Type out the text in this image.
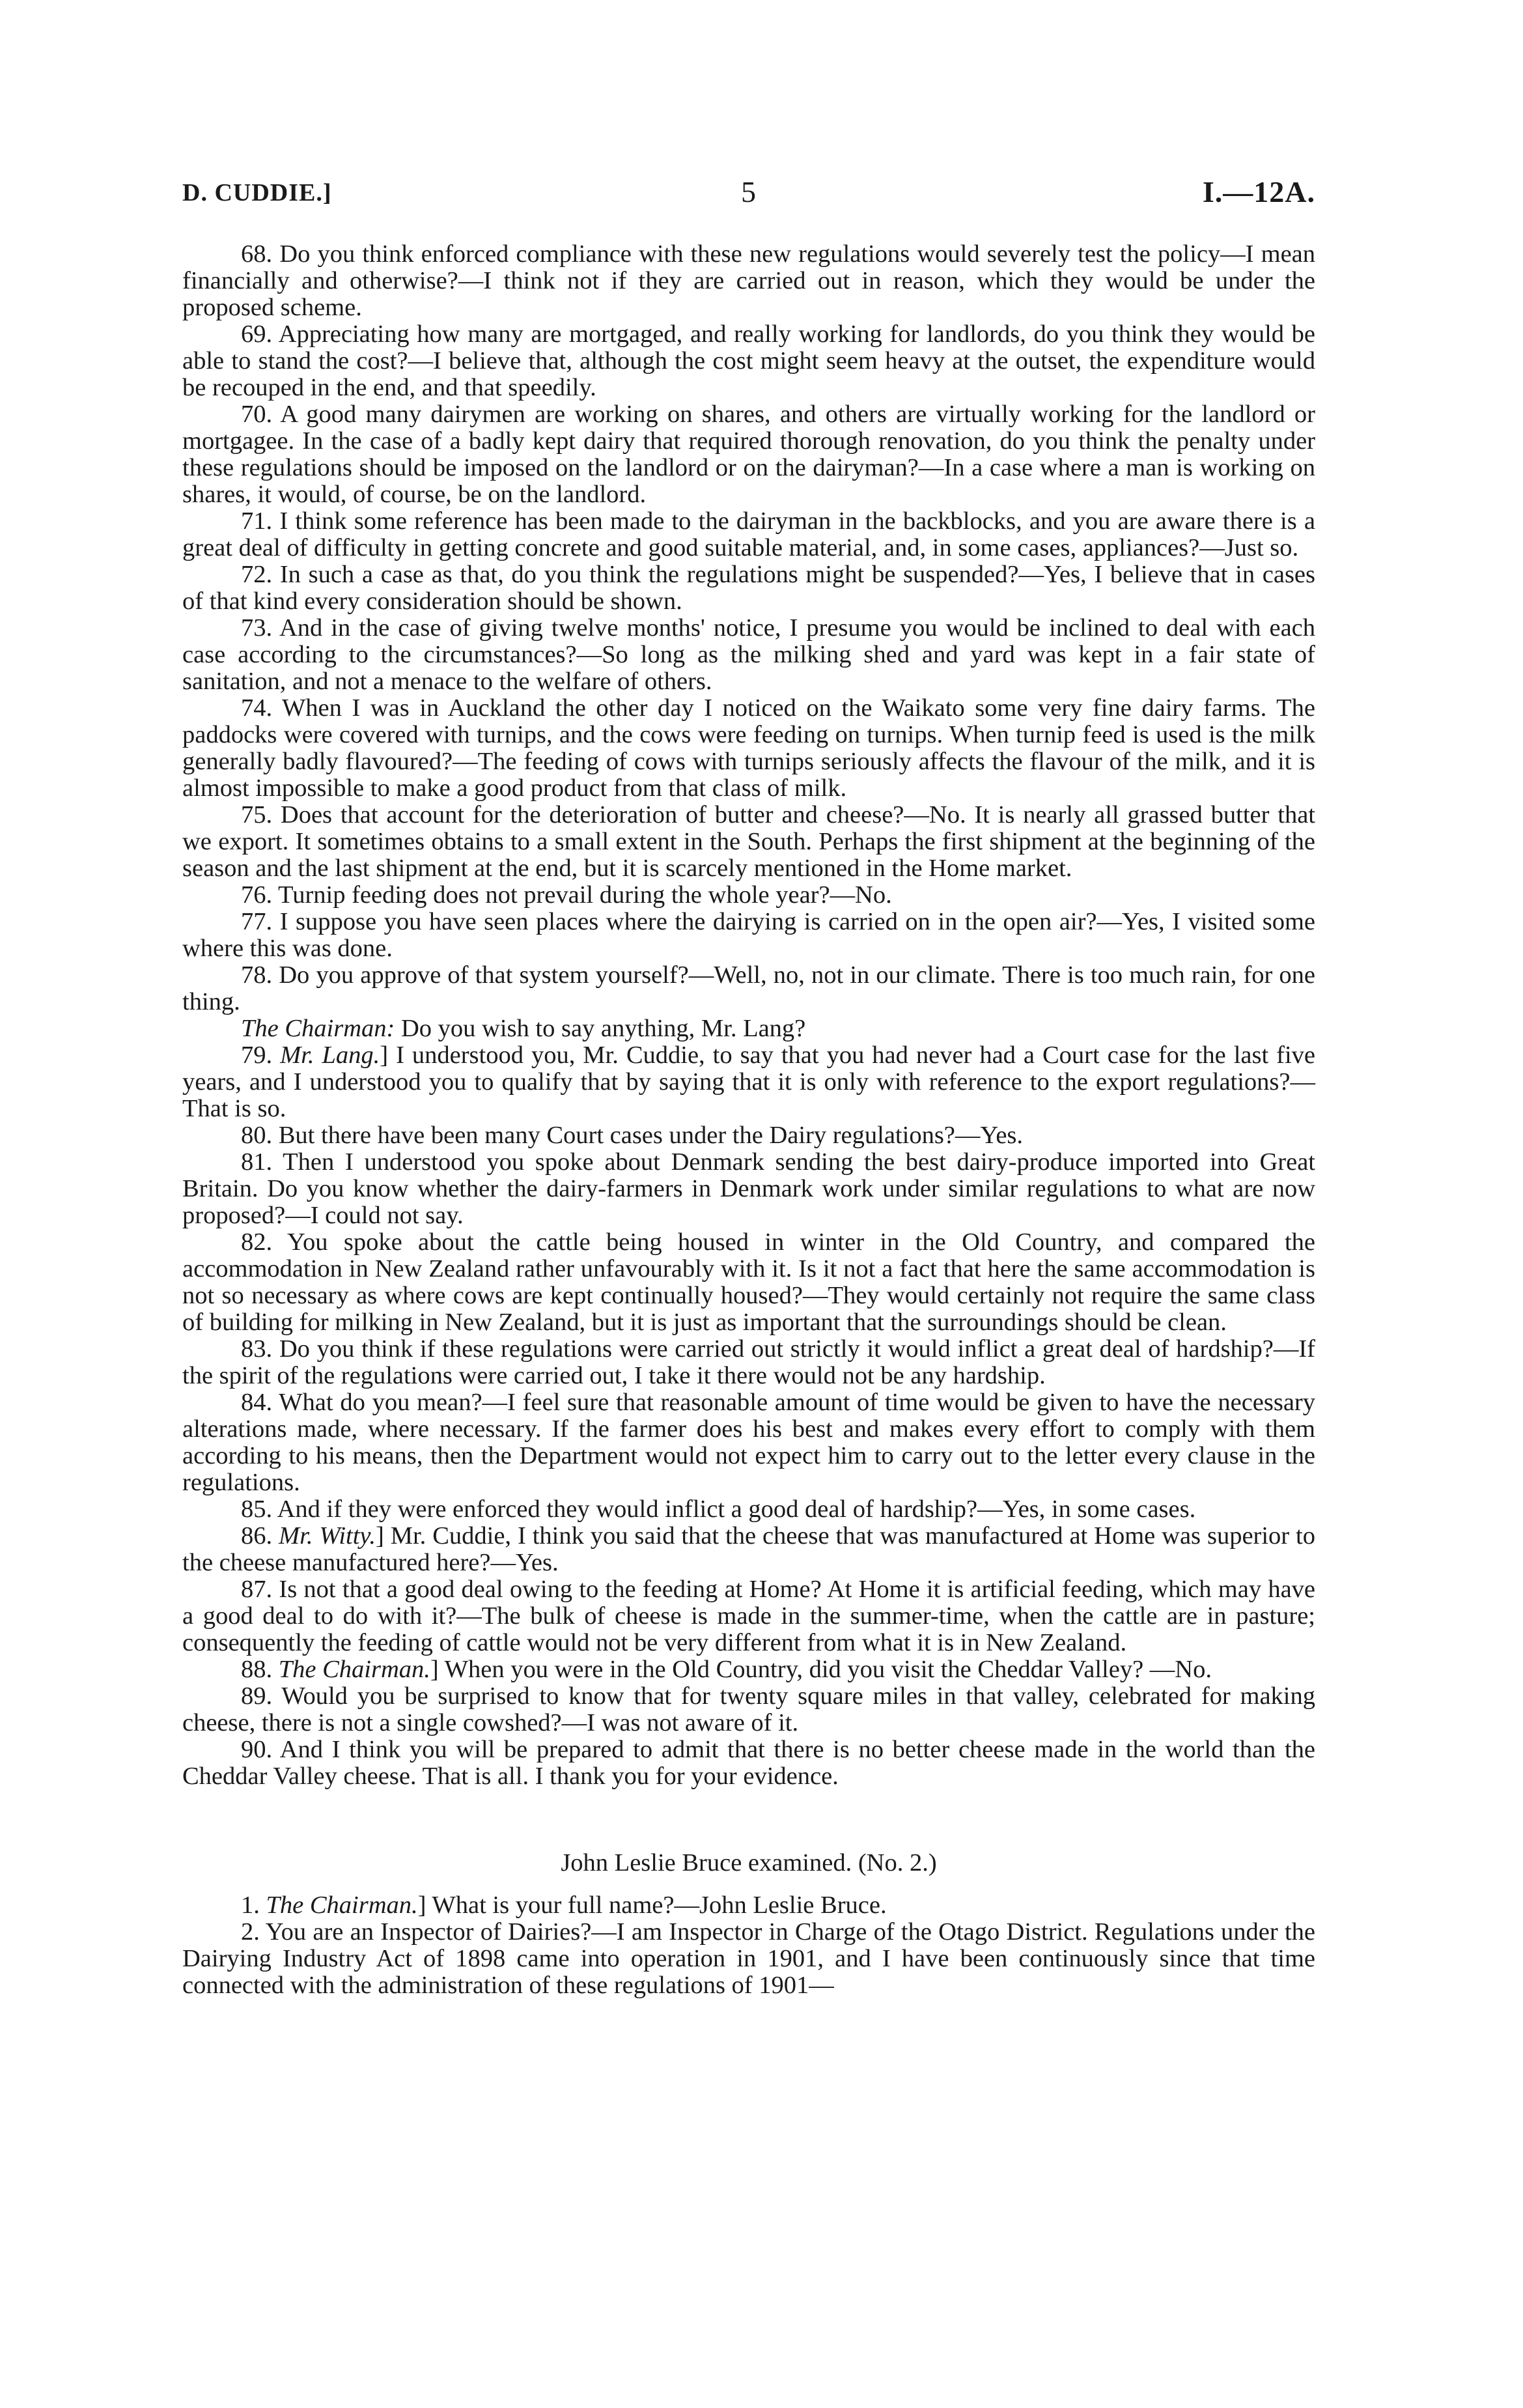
D. CUDDIE.]	5	I.—12A.

68. Do you think enforced compliance with these new regulations would severely test the policy—I mean financially and otherwise?—I think not if they are carried out in reason, which they would be under the proposed scheme.

69. Appreciating how many are mortgaged, and really working for landlords, do you think they would be able to stand the cost?—I believe that, although the cost might seem heavy at the outset, the expenditure would be recouped in the end, and that speedily.

70. A good many dairymen are working on shares, and others are virtually working for the landlord or mortgagee. In the case of a badly kept dairy that required thorough renovation, do you think the penalty under these regulations should be imposed on the landlord or on the dairyman?—In a case where a man is working on shares, it would, of course, be on the landlord.

71. I think some reference has been made to the dairyman in the backblocks, and you are aware there is a great deal of difficulty in getting concrete and good suitable material, and, in some cases, appliances?—Just so.

72. In such a case as that, do you think the regulations might be suspended?—Yes, I believe that in cases of that kind every consideration should be shown.

73. And in the case of giving twelve months' notice, I presume you would be inclined to deal with each case according to the circumstances?—So long as the milking shed and yard was kept in a fair state of sanitation, and not a menace to the welfare of others.

74. When I was in Auckland the other day I noticed on the Waikato some very fine dairy farms. The paddocks were covered with turnips, and the cows were feeding on turnips. When turnip feed is used is the milk generally badly flavoured?—The feeding of cows with turnips seriously affects the flavour of the milk, and it is almost impossible to make a good product from that class of milk.

75. Does that account for the deterioration of butter and cheese?—No. It is nearly all grassed butter that we export. It sometimes obtains to a small extent in the South. Perhaps the first shipment at the beginning of the season and the last shipment at the end, but it is scarcely mentioned in the Home market.

76. Turnip feeding does not prevail during the whole year?—No.

77. I suppose you have seen places where the dairying is carried on in the open air?—Yes, I visited some where this was done.

78. Do you approve of that system yourself?—Well, no, not in our climate. There is too much rain, for one thing.

The Chairman: Do you wish to say anything, Mr. Lang?

79. Mr. Lang.] I understood you, Mr. Cuddie, to say that you had never had a Court case for the last five years, and I understood you to qualify that by saying that it is only with reference to the export regulations?—That is so.

80. But there have been many Court cases under the Dairy regulations?—Yes.

81. Then I understood you spoke about Denmark sending the best dairy-produce imported into Great Britain. Do you know whether the dairy-farmers in Denmark work under similar regulations to what are now proposed?—I could not say.

82. You spoke about the cattle being housed in winter in the Old Country, and compared the accommodation in New Zealand rather unfavourably with it. Is it not a fact that here the same accommodation is not so necessary as where cows are kept continually housed?—They would certainly not require the same class of building for milking in New Zealand, but it is just as important that the surroundings should be clean.

83. Do you think if these regulations were carried out strictly it would inflict a great deal of hardship?—If the spirit of the regulations were carried out, I take it there would not be any hardship.

84. What do you mean?—I feel sure that reasonable amount of time would be given to have the necessary alterations made, where necessary. If the farmer does his best and makes every effort to comply with them according to his means, then the Department would not expect him to carry out to the letter every clause in the regulations.

85. And if they were enforced they would inflict a good deal of hardship?—Yes, in some cases.

86. Mr. Witty.] Mr. Cuddie, I think you said that the cheese that was manufactured at Home was superior to the cheese manufactured here?—Yes.

87. Is not that a good deal owing to the feeding at Home? At Home it is artificial feeding, which may have a good deal to do with it?—The bulk of cheese is made in the summer-time, when the cattle are in pasture; consequently the feeding of cattle would not be very different from what it is in New Zealand.

88. The Chairman.] When you were in the Old Country, did you visit the Cheddar Valley? —No.

89. Would you be surprised to know that for twenty square miles in that valley, celebrated for making cheese, there is not a single cowshed?—I was not aware of it.

90. And I think you will be prepared to admit that there is no better cheese made in the world than the Cheddar Valley cheese. That is all. I thank you for your evidence.

John Leslie Bruce examined. (No. 2.)

1. The Chairman.] What is your full name?—John Leslie Bruce.

2. You are an Inspector of Dairies?—I am Inspector in Charge of the Otago District. Regulations under the Dairying Industry Act of 1898 came into operation in 1901, and I have been continuously since that time connected with the administration of these regulations of 1901—
